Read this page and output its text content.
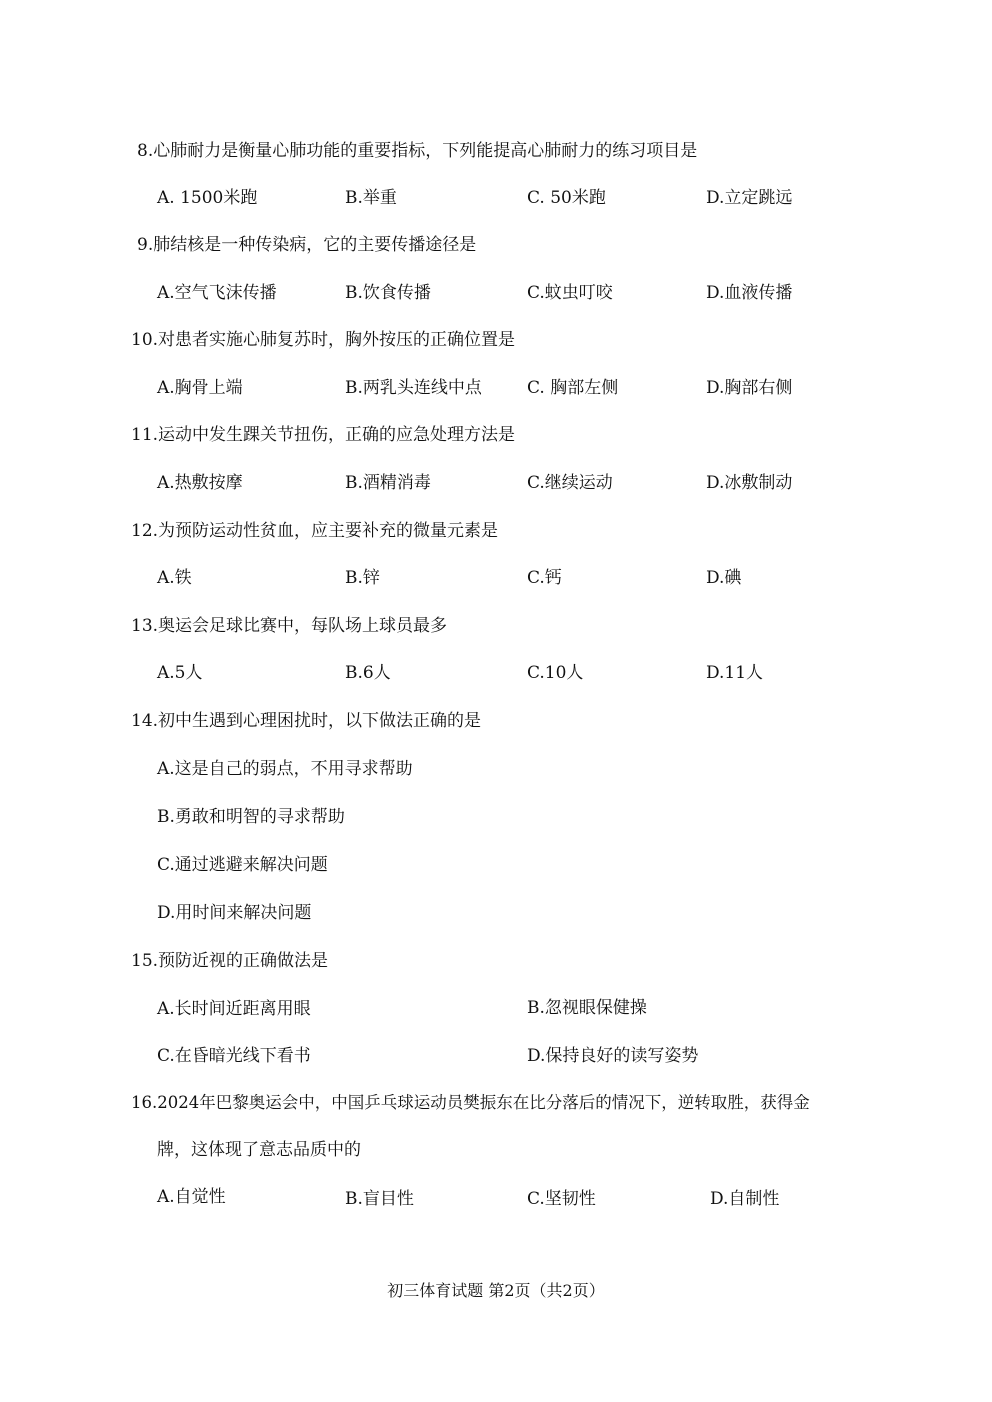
8.心肺耐力是衡量心肺功能的重要指标，下列能提高心肺耐力的练习项目是
A. 1500米跑	B.举重	C. 50米跑	D.立定跳远
9.肺结核是一种传染病，它的主要传播途径是
A.空气飞沫传播	B.饮食传播	C.蚊虫叮咬	D.血液传播
10.对患者实施心肺复苏时，胸外按压的正确位置是
A.胸骨上端	B.两乳头连线中点	C. 胸部左侧	D.胸部右侧
11.运动中发生踝关节扭伤，正确的应急处理方法是
A.热敷按摩	B.酒精消毒	C.继续运动	D.冰敷制动
12.为预防运动性贫血，应主要补充的微量元素是
A.铁	B.锌	C.钙	D.碘
13.奥运会足球比赛中，每队场上球员最多
A.5人	B.6人	C.10人	D.11人
14.初中生遇到心理困扰时，以下做法正确的是
A.这是自己的弱点，不用寻求帮助
B.勇敢和明智的寻求帮助
C.通过逃避来解决问题
D.用时间来解决问题
15.预防近视的正确做法是
A.长时间近距离用眼	B.忽视眼保健操
C.在昏暗光线下看书	D.保持良好的读写姿势
16.2024年巴黎奥运会中，中国乒乓球运动员樊振东在比分落后的情况下，逆转取胜，获得金
牌，这体现了意志品质中的
A.自觉性	B.盲目性	C.坚韧性	D.自制性
初三体育试题 第2页（共2页）
